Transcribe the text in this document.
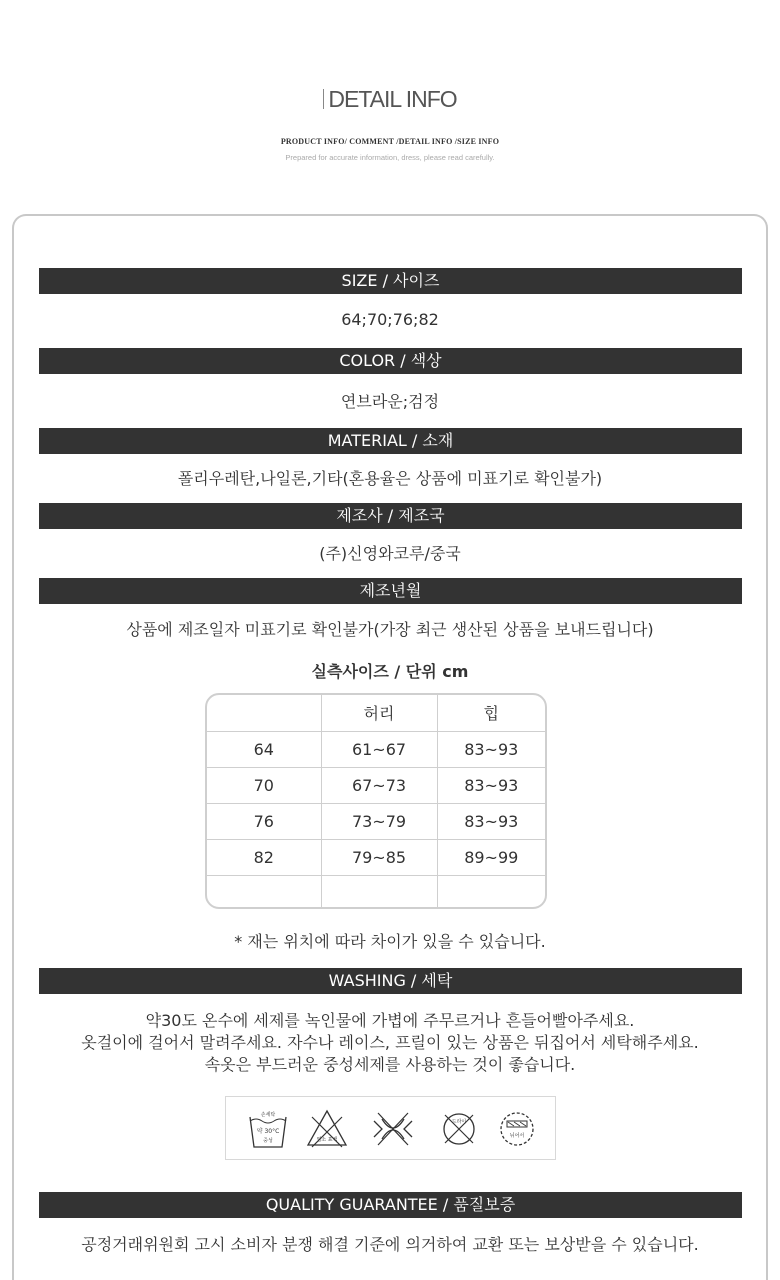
DETAIL INFO
PRODUCT INFO/ COMMENT /DETAIL INFO /SIZE INFO
Prepared for accurate information, dress, please read carefully.
SIZE / 사이즈
64;70;76;82
COLOR / 색상
연브라운;검정
MATERIAL / 소재
폴리우레탄,나일론,기타(혼용율은 상품에 미표기로 확인불가)
제조사 / 제조국
(주)신영와코루/중국
제조년월
상품에 제조일자 미표기로 확인불가(가장 최근 생산된 상품을 보내드립니다)
실측사이즈 / 단위 cm
	허리	힙
64	61~67	83~93
70	67~73	83~93
76	73~79	83~93
82	79~85	89~99

* 재는 위치에 따라 차이가 있을 수 있습니다.
WASHING / 세탁
약30도 온수에 세제를 녹인물에 가볍에 주무르거나 흔들어빨아주세요.
옷걸이에 걸어서 말려주세요. 자수나 레이스, 프릴이 있는 상품은 뒤집어서 세탁해주세요.
속옷은 부드러운 중성세제를 사용하는 것이 좋습니다.
손세탁
약 30°C
중성	염소 표백
드라이
뉘어서
QUALITY GUARANTEE / 품질보증
공정거래위원회 고시 소비자 분쟁 해결 기준에 의거하여 교환 또는 보상받을 수 있습니다.
